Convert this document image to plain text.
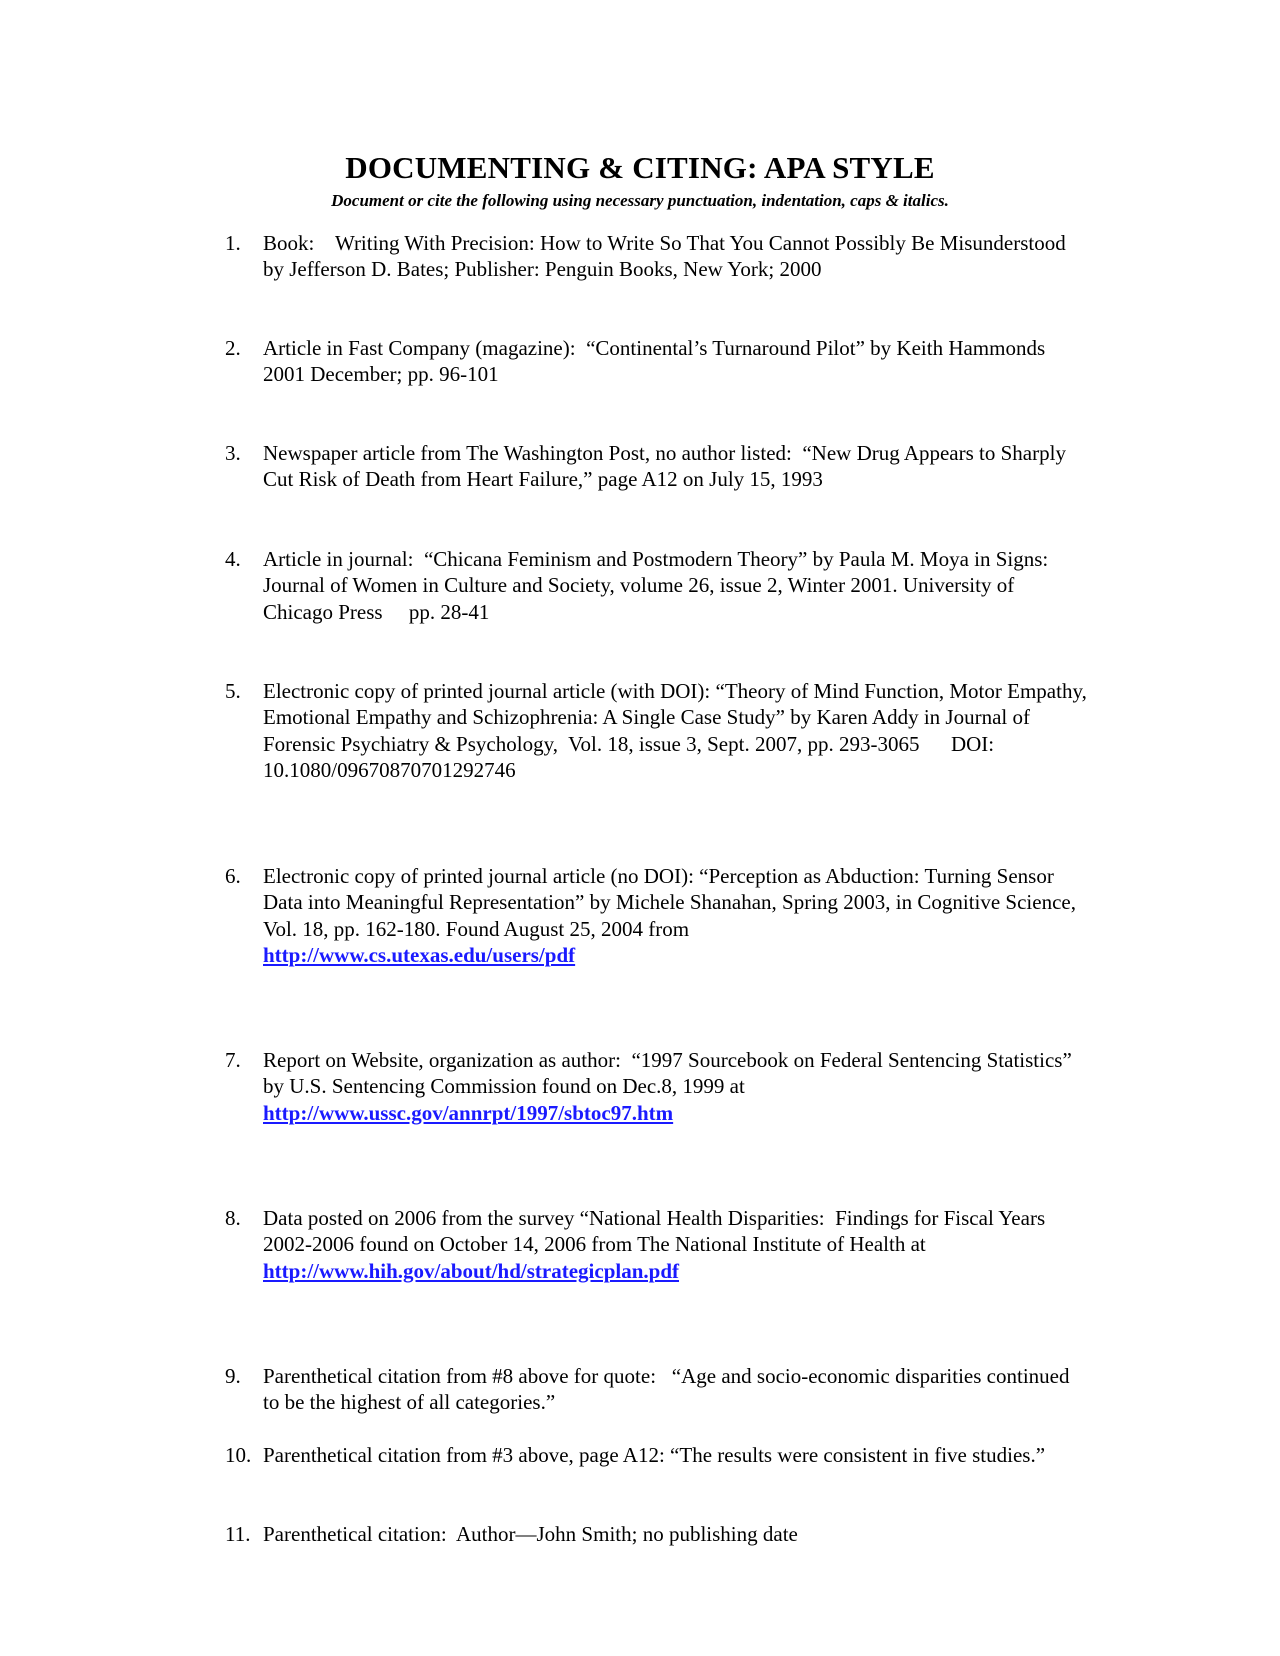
DOCUMENTING & CITING: APA STYLE

Document or cite the following using necessary punctuation, indentation, caps & italics.

1.	Book:    Writing With Precision: How to Write So That You Cannot Possibly Be Misunderstood by Jefferson D. Bates; Publisher: Penguin Books, New York; 2000
2.	Article in Fast Company (magazine):  “Continental’s Turnaround Pilot” by Keith Hammonds  2001 December; pp. 96-101
3.	Newspaper article from The Washington Post, no author listed:  “New Drug Appears to Sharply Cut Risk of Death from Heart Failure,” page A12 on July 15, 1993
4.	Article in journal:  “Chicana Feminism and Postmodern Theory” by Paula M. Moya in Signs: Journal of Women in Culture and Society, volume 26, issue 2, Winter 2001. University of Chicago Press     pp. 28-41
5.	Electronic copy of printed journal article (with DOI): “Theory of Mind Function, Motor Empathy, Emotional Empathy and Schizophrenia: A Single Case Study” by Karen Addy in Journal of Forensic Psychiatry & Psychology,  Vol. 18, issue 3, Sept. 2007, pp. 293-3065      DOI: 10.1080/09670870701292746
6.	Electronic copy of printed journal article (no DOI): “Perception as Abduction: Turning Sensor Data into Meaningful Representation” by Michele Shanahan, Spring 2003, in Cognitive Science, Vol. 18, pp. 162-180. Found August 25, 2004 from
http://www.cs.utexas.edu/users/pdf
7.	Report on Website, organization as author:  “1997 Sourcebook on Federal Sentencing Statistics” by U.S. Sentencing Commission found on Dec.8, 1999 at
http://www.ussc.gov/annrpt/1997/sbtoc97.htm
8.	Data posted on 2006 from the survey “National Health Disparities:  Findings for Fiscal Years 2002-2006 found on October 14, 2006 from The National Institute of Health at
http://www.hih.gov/about/hd/strategicplan.pdf
9.	Parenthetical citation from #8 above for quote:   “Age and socio-economic disparities continued to be the highest of all categories.”
10. Parenthetical citation from #3 above, page A12: “The results were consistent in five studies.”
11. Parenthetical citation:  Author—John Smith; no publishing date
